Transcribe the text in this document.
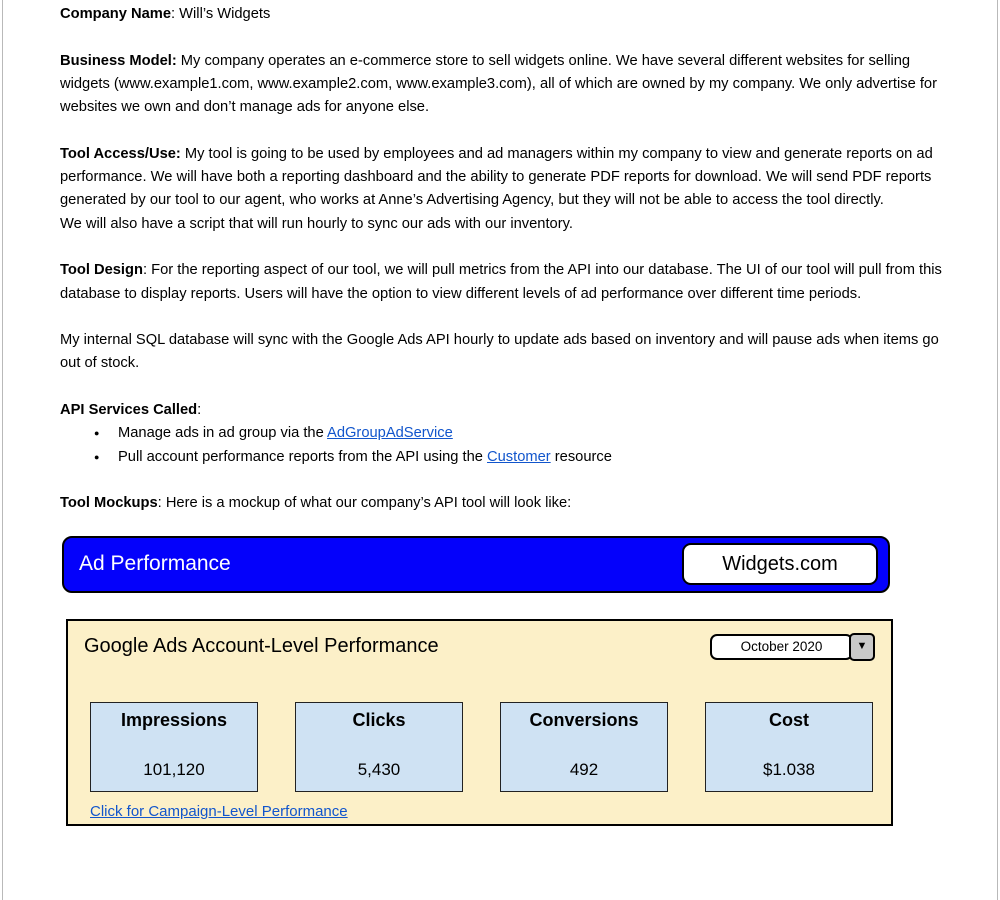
Company Name: Will’s Widgets

Business Model: My company operates an e-commerce store to sell widgets online. We have several different websites for selling widgets (www.example1.com, www.example2.com, www.example3.com), all of which are owned by my company. We only advertise for websites we own and don’t manage ads for anyone else.

Tool Access/Use: My tool is going to be used by employees and ad managers within my company to view and generate reports on ad performance. We will have both a reporting dashboard and the ability to generate PDF reports for download. We will send PDF reports generated by our tool to our agent, who works at Anne’s Advertising Agency, but they will not be able to access the tool directly.
We will also have a script that will run hourly to sync our ads with our inventory.

Tool Design: For the reporting aspect of our tool, we will pull metrics from the API into our database. The UI of our tool will pull from this database to display reports. Users will have the option to view different levels of ad performance over different time periods.

My internal SQL database will sync with the Google Ads API hourly to update ads based on inventory and will pause ads when items go out of stock.

API Services Called:

●	Manage ads in ad group via the AdGroupAdService
●	Pull account performance reports from the API using the Customer resource

Tool Mockups: Here is a mockup of what our company’s API tool will look like:

Ad Performance	Widgets.com
Google Ads Account-Level Performance	October 2020	▼
Impressions
101,120
Clicks
5,430
Conversions
492
Cost
$1.038
Click for Campaign-Level Performance
